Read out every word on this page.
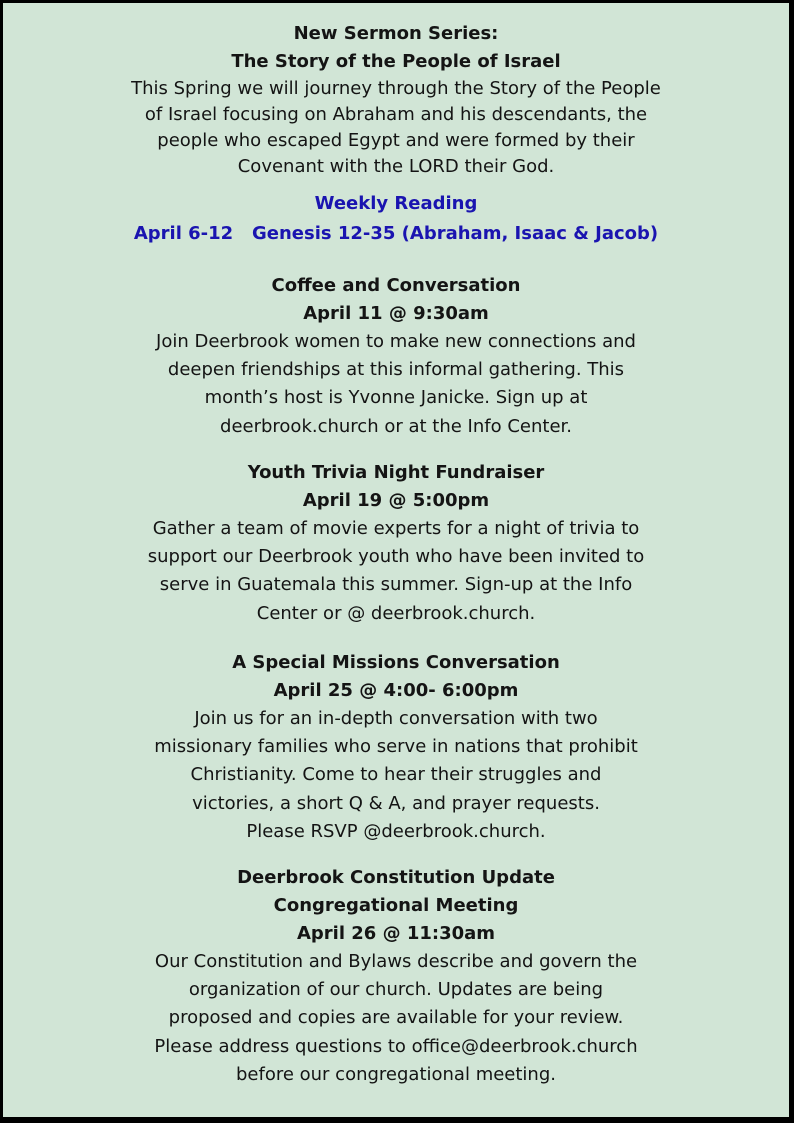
New Sermon Series:
The Story of the People of Israel
This Spring we will journey through the Story of the People
of Israel focusing on Abraham and his descendants, the
people who escaped Egypt and were formed by their
Covenant with the LORD their God.
Weekly Reading
April 6-12   Genesis 12-35 (Abraham, Isaac & Jacob)
Coffee and Conversation
April 11 @ 9:30am
Join Deerbrook women to make new connections and
deepen friendships at this informal gathering. This
month’s host is Yvonne Janicke. Sign up at
deerbrook.church or at the Info Center.
Youth Trivia Night Fundraiser
April 19 @ 5:00pm
Gather a team of movie experts for a night of trivia to
support our Deerbrook youth who have been invited to
serve in Guatemala this summer. Sign-up at the Info
Center or @ deerbrook.church.
A Special Missions Conversation
April 25 @ 4:00- 6:00pm
Join us for an in-depth conversation with two
missionary families who serve in nations that prohibit
Christianity. Come to hear their struggles and
victories, a short Q & A, and prayer requests.
Please RSVP @deerbrook.church.
Deerbrook Constitution Update
Congregational Meeting
April 26 @ 11:30am
Our Constitution and Bylaws describe and govern the
organization of our church. Updates are being
proposed and copies are available for your review.
Please address questions to office@deerbrook.church
before our congregational meeting.
